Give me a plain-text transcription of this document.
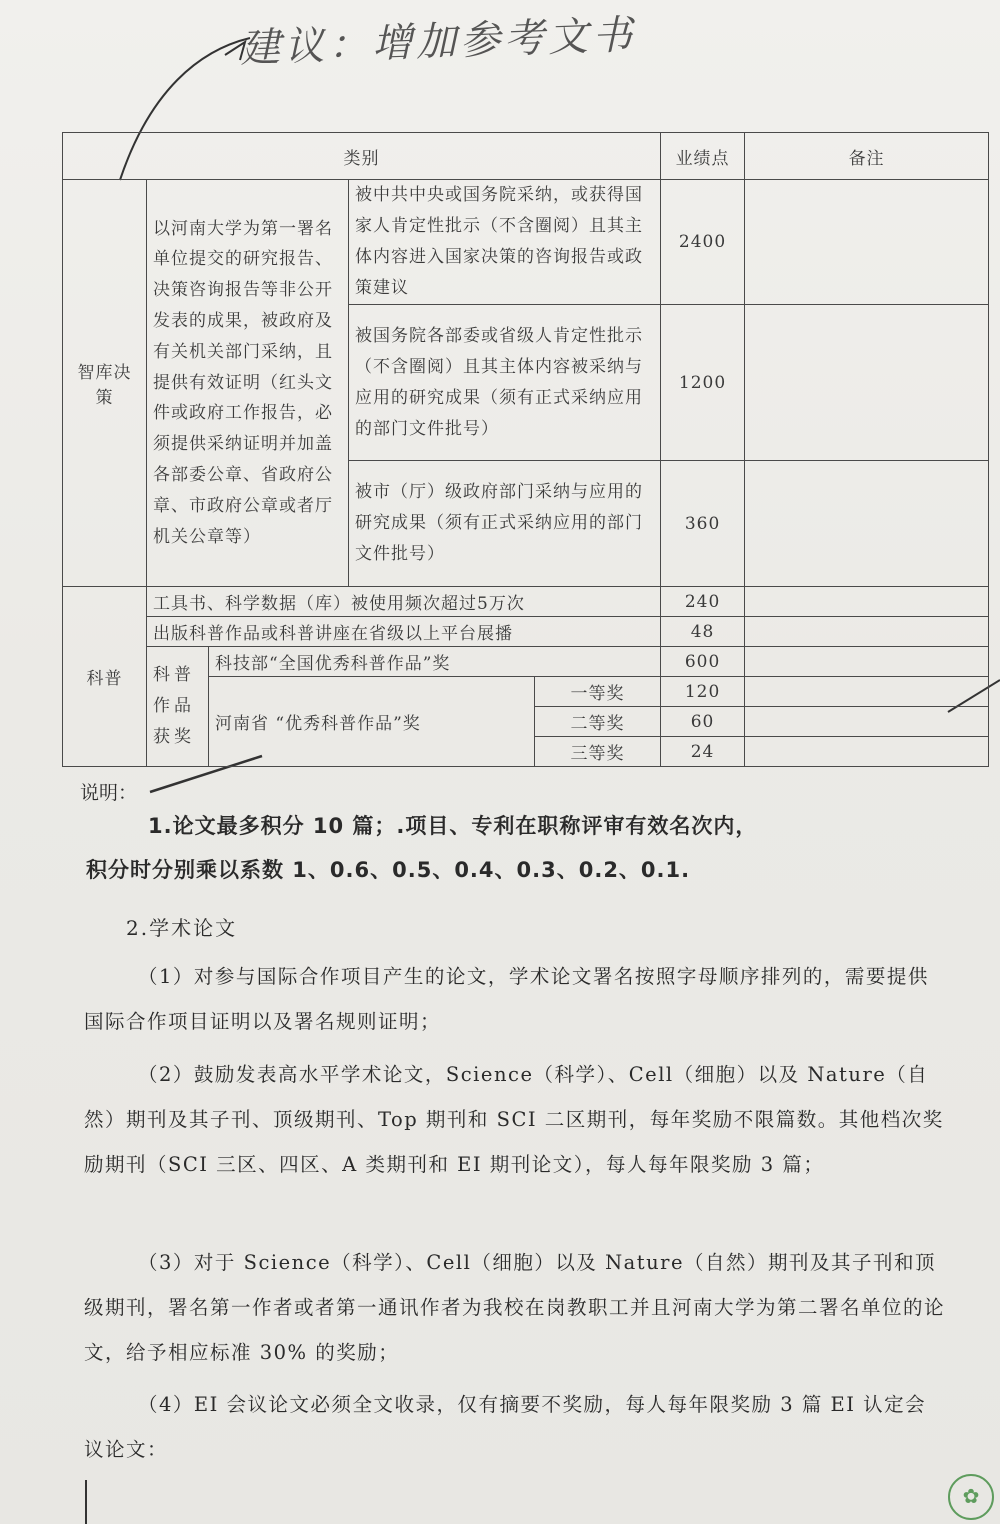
建议：增加参考文书
类别					业绩点	备注
智库决策	以河南大学为第一署名单位提交的研究报告、决策咨询报告等非公开发表的成果，被政府及有关机关部门采纳，且提供有效证明（红头文件或政府工作报告，必须提供采纳证明并加盖各部委公章、省政府公章、市政府公章或者厅机关公章等）		被中共中央或国务院采纳，或获得国家人肯定性批示（不含圈阅）且其主体内容进入国家决策的咨询报告或政策建议		2400	
			被国务院各部委或省级人肯定性批示（不含圈阅）且其主体内容被采纳与应用的研究成果（须有正式采纳应用的部门文件批号）		1200	
			被市（厅）级政府部门采纳与应用的研究成果（须有正式采纳应用的部门文件批号）		360	
科普	工具书、科学数据（库）被使用频次超过5万次				240	
	出版科普作品或科普讲座在省级以上平台展播				48	
	科普作品获奖	科技部“全国优秀科普作品”奖			600	
		河南省 “优秀科普作品”奖		一等奖	120	
				二等奖	60	
				三等奖	24	
说明：
1.论文最多积分 10 篇；.项目、专利在职称评审有效名次内，
积分时分别乘以系数 1、0.6、0.5、0.4、0.3、0.2、0.1.
2.学术论文
（1）对参与国际合作项目产生的论文，学术论文署名按照字母顺序排列的，需要提供国际合作项目证明以及署名规则证明；
（2）鼓励发表高水平学术论文，Science（科学）、Cell（细胞）以及 Nature（自然）期刊及其子刊、顶级期刊、Top 期刊和 SCI 二区期刊，每年奖励不限篇数。其他档次奖励期刊（SCI 三区、四区、A 类期刊和 EI 期刊论文），每人每年限奖励 3 篇；
（3）对于 Science（科学）、Cell（细胞）以及 Nature（自然）期刊及其子刊和顶级期刊，署名第一作者或者第一通讯作者为我校在岗教职工并且河南大学为第二署名单位的论文，给予相应标准 30% 的奖励；
（4）EI 会议论文必须全文收录，仅有摘要不奖励，每人每年限奖励 3 篇 EI 认定会议论文：
✿
